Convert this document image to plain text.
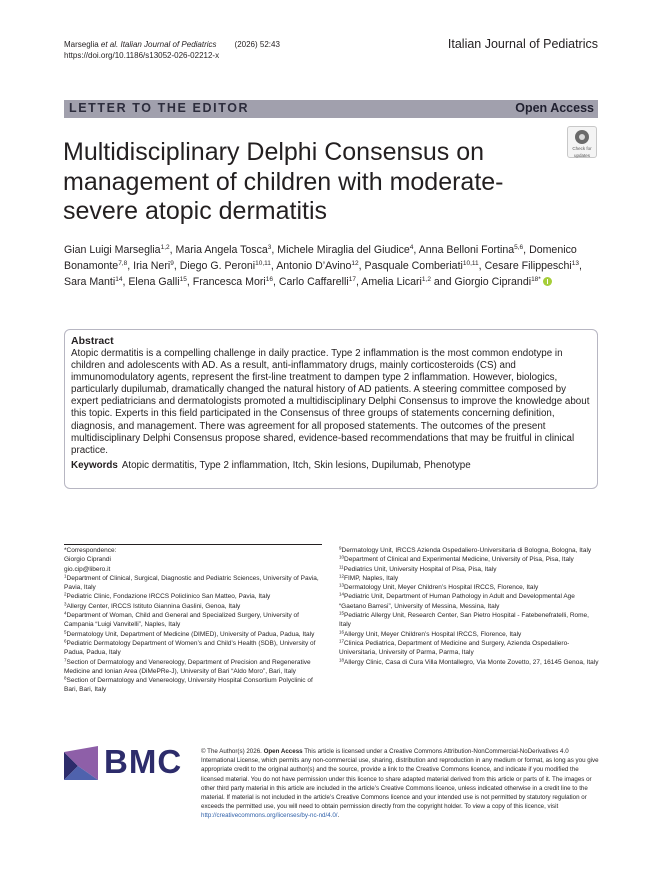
Marseglia et al. Italian Journal of Pediatrics (2026) 52:43
https://doi.org/10.1186/s13052-026-02212-x
Italian Journal of Pediatrics
LETTER TO THE EDITOR	Open Access
Check for
updates
Multidisciplinary Delphi Consensus on management of children with moderate-severe atopic dermatitis
Gian Luigi Marseglia$^{1,2}$, Maria Angela Tosca$^3$, Michele Miraglia del Giudice$^4$, Anna Belloni Fortina$^{5,6}$, Domenico Bonamonte$^{7,8}$, Iria Neri$^9$, Diego G. Peroni$^{10,11}$, Antonio D’Avino$^{12}$, Pasquale Comberiati$^{10,11}$, Cesare Filippeschi$^{13}$, Sara Manti$^{14}$, Elena Galli$^{15}$, Francesca Mori$^{16}$, Carlo Caffarelli$^{17}$, Amelia Licari$^{1,2}$ and Giorgio Ciprandi$^{18*}$
Abstract
Atopic dermatitis is a compelling challenge in daily practice. Type 2 inflammation is the most common endotype in children and adolescents with AD. As a result, anti-inflammatory drugs, mainly corticosteroids (CS) and immunomodulatory agents, represent the first-line treatment to dampen type 2 inflammation. However, biologics, particularly dupilumab, dramatically changed the natural history of AD patients. A steering committee composed by expert pediatricians and dermatologists promoted a multidisciplinary Delphi Consensus to improve the knowledge about this topic. Experts in this field participated in the Consensus of three groups of statements concerning definition, diagnosis, and management. There was agreement for all proposed statements. The outcomes of the present multidisciplinary Delphi Consensus propose shared, evidence-based recommendations that may be fruitful in clinical practice.
Keywords Atopic dermatitis, Type 2 inflammation, Itch, Skin lesions, Dupilumab, Phenotype
*Correspondence:
Giorgio Ciprandi
gio.cip@libero.it
$^1$Department of Clinical, Surgical, Diagnostic and Pediatric Sciences, University of Pavia, Pavia, Italy
$^2$Pediatric Clinic, Fondazione IRCCS Policlinico San Matteo, Pavia, Italy
$^3$Allergy Center, IRCCS Istituto Giannina Gaslini, Genoa, Italy
$^4$Department of Woman, Child and General and Specialized Surgery, University of Campania “Luigi Vanvitelli”, Naples, Italy
$^5$Dermatology Unit, Department of Medicine (DIMED), University of Padua, Padua, Italy
$^6$Pediatric Dermatology Department of Women’s and Child’s Health (SDB), University of Padua, Padua, Italy
$^7$Section of Dermatology and Venereology, Department of Precision and Regenerative Medicine and Ionian Area (DiMePRe-J), University of Bari “Aldo Moro”, Bari, Italy
$^8$Section of Dermatology and Venereology, University Hospital Consortium Polyclinic of Bari, Bari, Italy
$^9$Dermatology Unit, IRCCS Azienda Ospedaliero-Universitaria di Bologna, Bologna, Italy
$^{10}$Department of Clinical and Experimental Medicine, University of Pisa, Pisa, Italy
$^{11}$Pediatrics Unit, University Hospital of Pisa, Pisa, Italy
$^{12}$FIMP, Naples, Italy
$^{13}$Dermatology Unit, Meyer Children’s Hospital IRCCS, Florence, Italy
$^{14}$Pediatric Unit, Department of Human Pathology in Adult and Developmental Age “Gaetano Barresi”, University of Messina, Messina, Italy
$^{15}$Pediatric Allergy Unit, Research Center, San Pietro Hospital - Fatebenefratelli, Rome, Italy
$^{16}$Allergy Unit, Meyer Children’s Hospital IRCCS, Florence, Italy
$^{17}$Clinica Pediatrica, Department of Medicine and Surgery, Azienda Ospedaliero- Universitaria, University of Parma, Parma, Italy
$^{18}$Allergy Clinic, Casa di Cura Villa Montallegro, Via Monte Zovetto, 27, 16145 Genoa, Italy
BMC	© The Author(s) 2026. Open Access This article is licensed under a Creative Commons Attribution-NonCommercial-NoDerivatives 4.0 International License, which permits any non-commercial use, sharing, distribution and reproduction in any medium or format, as long as you give appropriate credit to the original author(s) and the source, provide a link to the Creative Commons licence, and indicate if you modified the licensed material. You do not have permission under this licence to share adapted material derived from this article or parts of it. The images or other third party material in this article are included in the article’s Creative Commons licence, unless indicated otherwise in a credit line to the material. If material is not included in the article’s Creative Commons licence and your intended use is not permitted by statutory regulation or exceeds the permitted use, you will need to obtain permission directly from the copyright holder. To view a copy of this licence, visit http://creativecommons.org/licenses/by-nc-nd/4.0/.
